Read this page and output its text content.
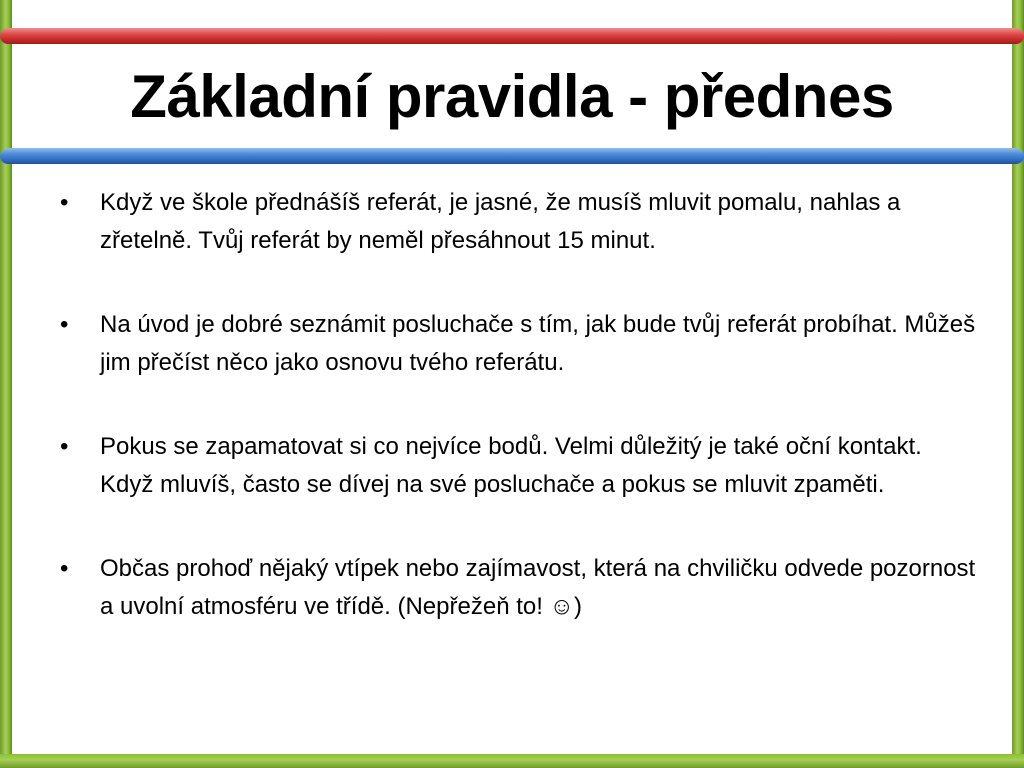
Základní pravidla - přednes
• Když ve škole přednášíš referát, je jasné, že musíš mluvit pomalu, nahlas a zřetelně. Tvůj referát by neměl přesáhnout 15 minut.
• Na úvod je dobré seznámit posluchače s tím, jak bude tvůj referát probíhat. Můžeš jim přečíst něco jako osnovu tvého referátu.
• Pokus se zapamatovat si co nejvíce bodů. Velmi důležitý je také oční kontakt. Když mluvíš, často se dívej na své posluchače a pokus se mluvit zpaměti.
• Občas prohoď nějaký vtípek nebo zajímavost, která na chviličku odvede pozornost a uvolní atmosféru ve třídě. (Nepřežeň to! ☺)
